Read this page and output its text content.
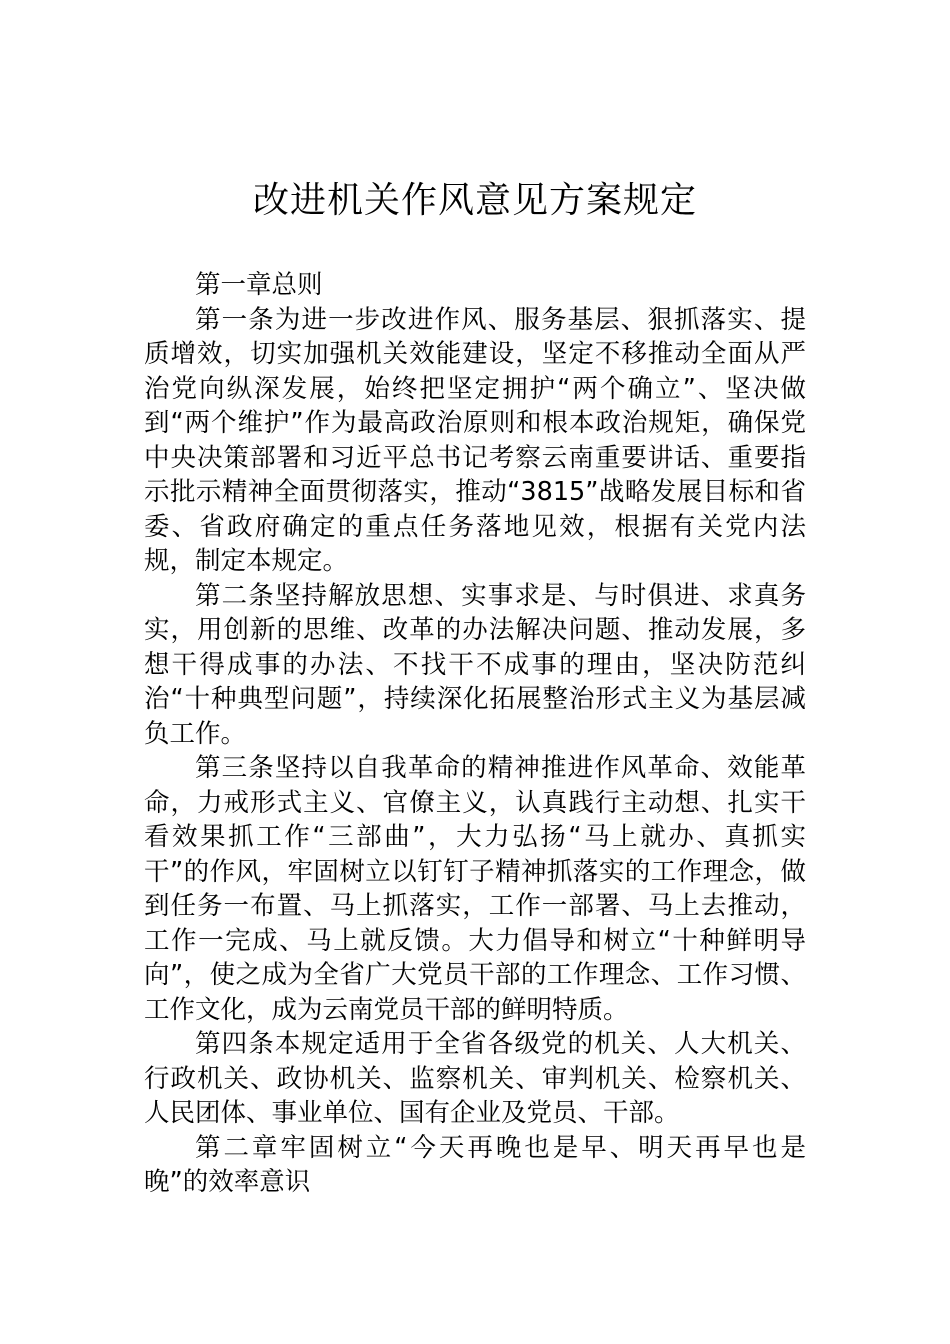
改进机关作风意见方案规定

第一章总则

第一条为进一步改进作风、服务基层、狠抓落实、提质增效，切实加强机关效能建设，坚定不移推动全面从严治党向纵深发展，始终把坚定拥护“两个确立”、坚决做到“两个维护”作为最高政治原则和根本政治规矩，确保党中央决策部署和习近平总书记考察云南重要讲话、重要指示批示精神全面贯彻落实，推动“3815”战略发展目标和省委、省政府确定的重点任务落地见效，根据有关党内法规，制定本规定。

第二条坚持解放思想、实事求是、与时俱进、求真务实，用创新的思维、改革的办法解决问题、推动发展，多想干得成事的办法、不找干不成事的理由，坚决防范纠治“十种典型问题”，持续深化拓展整治形式主义为基层减负工作。

第三条坚持以自我革命的精神推进作风革命、效能革命，力戒形式主义、官僚主义，认真践行主动想、扎实干看效果抓工作“三部曲”，大力弘扬“马上就办、真抓实干”的作风，牢固树立以钉钉子精神抓落实的工作理念，做到任务一布置、马上抓落实，工作一部署、马上去推动，工作一完成、马上就反馈。大力倡导和树立“十种鲜明导向”，使之成为全省广大党员干部的工作理念、工作习惯、工作文化，成为云南党员干部的鲜明特质。

第四条本规定适用于全省各级党的机关、人大机关、行政机关、政协机关、监察机关、审判机关、检察机关、人民团体、事业单位、国有企业及党员、干部。

第二章牢固树立“今天再晚也是早、明天再早也是晚”的效率意识
